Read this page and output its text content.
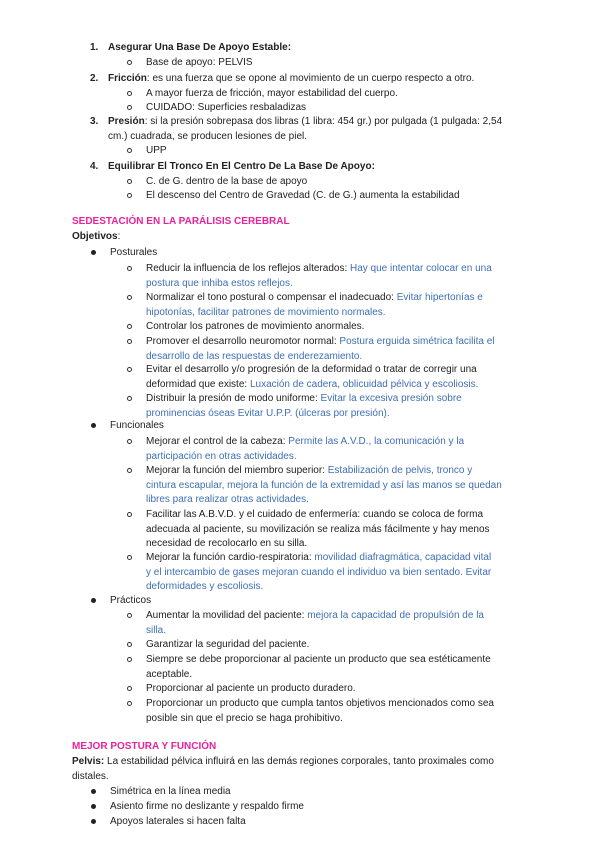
1. Asegurar Una Base De Apoyo Estable:
Base de apoyo: PELVIS
2. Fricción: es una fuerza que se opone al movimiento de un cuerpo respecto a otro.
A mayor fuerza de fricción, mayor estabilidad del cuerpo.
CUIDADO: Superficies resbaladizas
3. Presión: si la presión sobrepasa dos libras (1 libra: 454 gr.) por pulgada (1 pulgada: 2,54
cm.) cuadrada, se producen lesiones de piel.
UPP
4. Equilibrar El Tronco En El Centro De La Base De Apoyo:
C. de G. dentro de la base de apoyo
El descenso del Centro de Gravedad (C. de G.) aumenta la estabilidad
SEDESTACIÓN EN LA PARÁLISIS CEREBRAL
Objetivos:
Posturales
Reducir la influencia de los reflejos alterados: Hay que intentar colocar en una
postura que inhiba estos reflejos.
Normalizar el tono postural o compensar el inadecuado: Evitar hipertonías e
hipotonías, facilitar patrones de movimiento normales.
Controlar los patrones de movimiento anormales.
Promover el desarrollo neuromotor normal: Postura erguida simétrica facilita el
desarrollo de las respuestas de enderezamiento.
Evitar el desarrollo y/o progresión de la deformidad o tratar de corregir una
deformidad que existe: Luxación de cadera, oblicuidad pélvica y escoliosis.
Distribuir la presión de modo uniforme: Evitar la excesiva presión sobre
prominencias óseas Evitar U.P.P. (úlceras por presión).
Funcionales
Mejorar el control de la cabeza: Permite las A.V.D., la comunicación y la
participación en otras actividades.
Mejorar la función del miembro superior: Estabilización de pelvis, tronco y
cintura escapular, mejora la función de la extremidad y así las manos se quedan
libres para realizar otras actividades.
Facilitar las A.B.V.D. y el cuidado de enfermería: cuando se coloca de forma
adecuada al paciente, su movilización se realiza más fácilmente y hay menos
necesidad de recolocarlo en su silla.
Mejorar la función cardio-respiratoria: movilidad diafragmática, capacidad vital
y el intercambio de gases mejoran cuando el individuo va bien sentado. Evitar
deformidades y escoliosis.
Prácticos
Aumentar la movilidad del paciente: mejora la capacidad de propulsión de la
silla.
Garantizar la seguridad del paciente.
Siempre se debe proporcionar al paciente un producto que sea estéticamente
aceptable.
Proporcionar al paciente un producto duradero.
Proporcionar un producto que cumpla tantos objetivos mencionados como sea
posible sin que el precio se haga prohibitivo.
MEJOR POSTURA Y FUNCIÓN
Pelvis: La estabilidad pélvica influirá en las demás regiones corporales, tanto proximales como
distales.
Simétrica en la línea media
Asiento firme no deslizante y respaldo firme
Apoyos laterales si hacen falta
